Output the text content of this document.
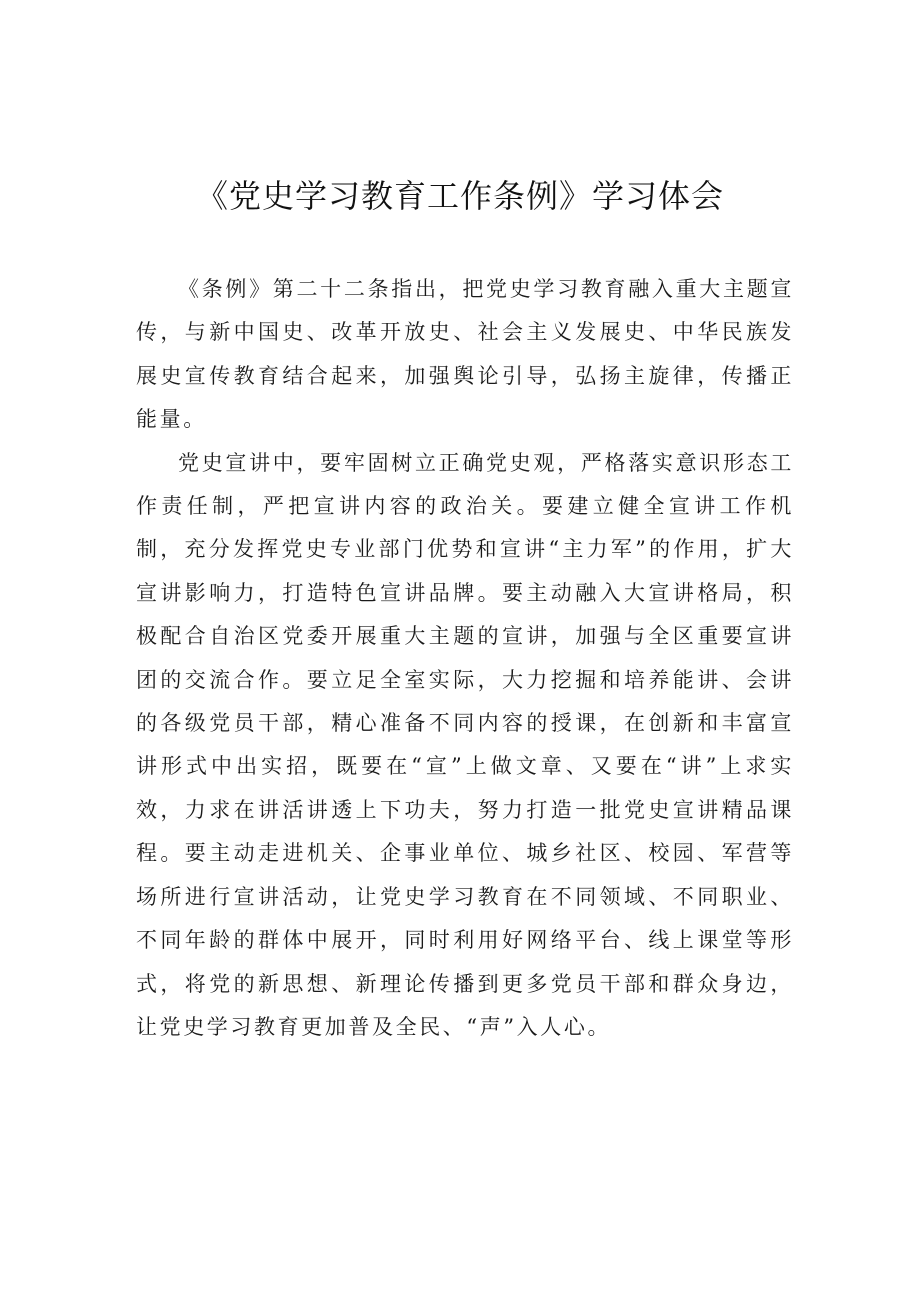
《党史学习教育工作条例》学习体会

《条例》第二十二条指出，把党史学习教育融入重大主题宣传，与新中国史、改革开放史、社会主义发展史、中华民族发展史宣传教育结合起来，加强舆论引导，弘扬主旋律，传播正能量。

党史宣讲中，要牢固树立正确党史观，严格落实意识形态工作责任制，严把宣讲内容的政治关。要建立健全宣讲工作机制，充分发挥党史专业部门优势和宣讲“主力军”的作用，扩大宣讲影响力，打造特色宣讲品牌。要主动融入大宣讲格局，积极配合自治区党委开展重大主题的宣讲，加强与全区重要宣讲团的交流合作。要立足全室实际，大力挖掘和培养能讲、会讲的各级党员干部，精心准备不同内容的授课，在创新和丰富宣讲形式中出实招，既要在“宣”上做文章、又要在“讲”上求实效，力求在讲活讲透上下功夫，努力打造一批党史宣讲精品课程。要主动走进机关、企事业单位、城乡社区、校园、军营等场所进行宣讲活动，让党史学习教育在不同领域、不同职业、不同年龄的群体中展开，同时利用好网络平台、线上课堂等形式，将党的新思想、新理论传播到更多党员干部和群众身边，让党史学习教育更加普及全民、“声”入人心。
